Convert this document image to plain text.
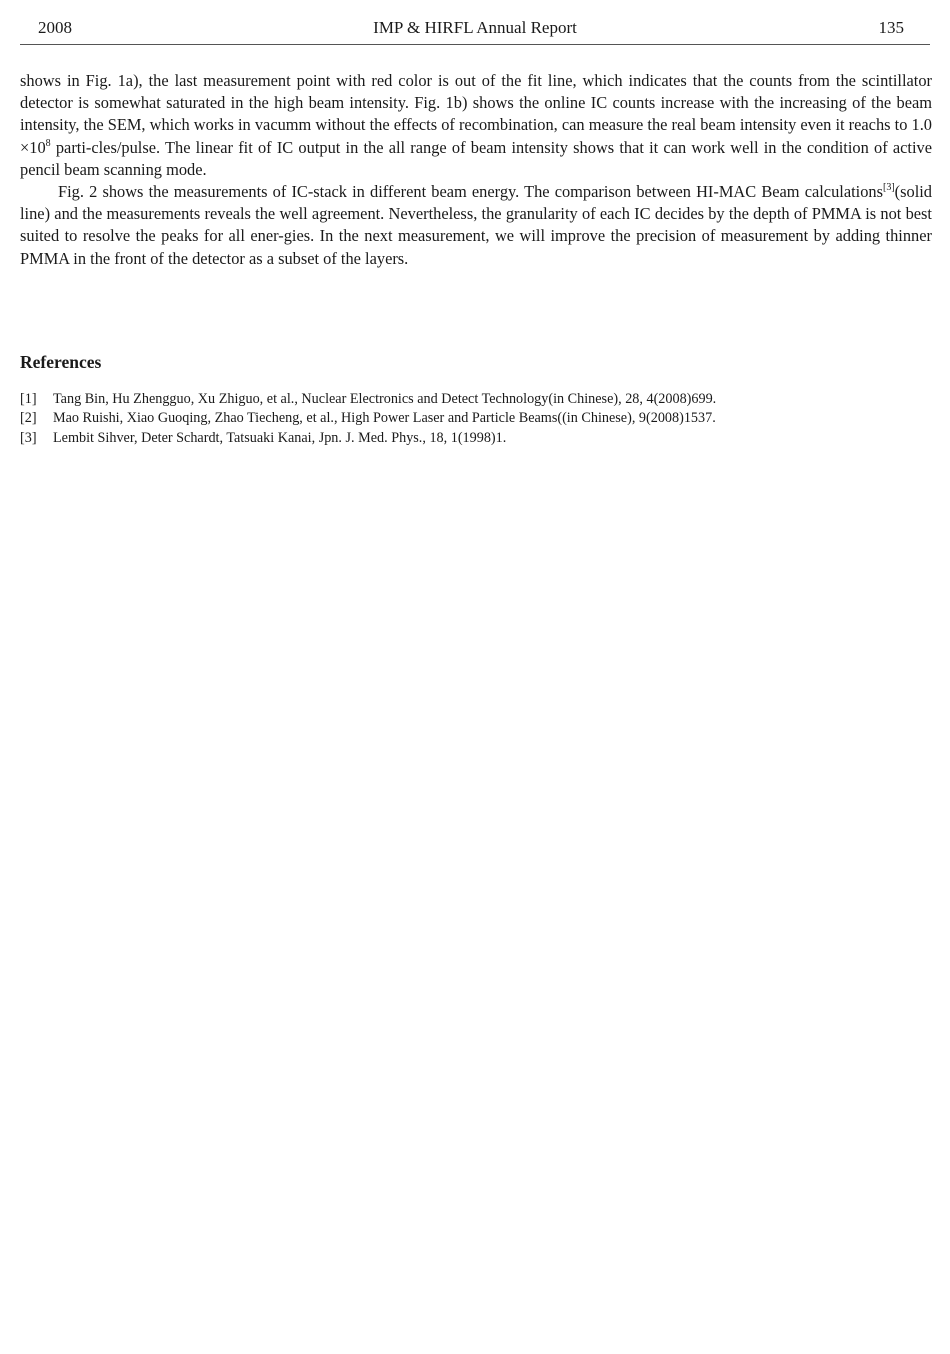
2008	IMP & HIRFL Annual Report	135

shows in Fig. 1a), the last measurement point with red color is out of the fit line, which indicates that the counts from the scintillator detector is somewhat saturated in the high beam intensity. Fig. 1b) shows the online IC counts increase with the increasing of the beam intensity, the SEM, which works in vacumm without the effects of recombination, can measure the real beam intensity even it reachs to $1.0 \times 10^8$ parti-cles/pulse. The linear fit of IC output in the all range of beam intensity shows that it can work well in the condition of active pencil beam scanning mode.

Fig. 2 shows the measurements of IC-stack in different beam energy. The comparison between HI-MAC Beam calculations[3](solid line) and the measurements reveals the well agreement. Nevertheless, the granularity of each IC decides by the depth of PMMA is not best suited to resolve the peaks for all ener-gies. In the next measurement, we will improve the precision of measurement by adding thinner PMMA in the front of the detector as a subset of the layers.

References
[1] Tang Bin, Hu Zhengguo, Xu Zhiguo, et al., Nuclear Electronics and Detect Technology(in Chinese), 28, 4(2008)699.
[2] Mao Ruishi, Xiao Guoqing, Zhao Tiecheng, et al., High Power Laser and Particle Beams((in Chinese), 9(2008)1537.
[3] Lembit Sihver, Deter Schardt, Tatsuaki Kanai, Jpn. J. Med. Phys., 18, 1(1998)1.
